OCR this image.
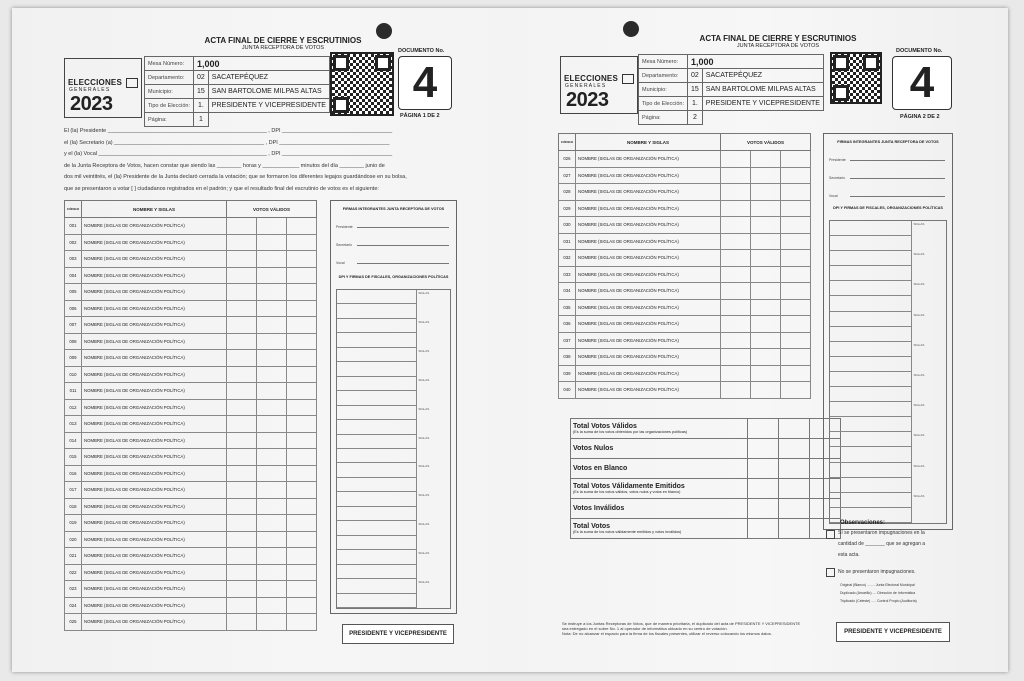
ACTA FINAL DE CIERRE Y ESCRUTINIOS
JUNTA RECEPTORA DE VOTOS
ELECCIONES
GENERALES
2023
Mesa Número:	1,000	
Departamento:	02	SACATEPÉQUEZ
Municipio:	15	SAN BARTOLOME MILPAS ALTAS
Tipo de Elección:	1.	PRESIDENTE Y VICEPRESIDENTE
Página:	1	
DOCUMENTO No.
4
PÁGINA 1 DE 2
CÓDIGO	NOMBRE Y SIGLAS	VOTOS VÁLIDOS		
001	NOMBRE (SIGLAS DE ORGANIZACIÓN POLÍTICA)			
002	NOMBRE (SIGLAS DE ORGANIZACIÓN POLÍTICA)			
003	NOMBRE (SIGLAS DE ORGANIZACIÓN POLÍTICA)			
004	NOMBRE (SIGLAS DE ORGANIZACIÓN POLÍTICA)			
005	NOMBRE (SIGLAS DE ORGANIZACIÓN POLÍTICA)			
006	NOMBRE (SIGLAS DE ORGANIZACIÓN POLÍTICA)			
007	NOMBRE (SIGLAS DE ORGANIZACIÓN POLÍTICA)			
008	NOMBRE (SIGLAS DE ORGANIZACIÓN POLÍTICA)			
009	NOMBRE (SIGLAS DE ORGANIZACIÓN POLÍTICA)			
010	NOMBRE (SIGLAS DE ORGANIZACIÓN POLÍTICA)			
011	NOMBRE (SIGLAS DE ORGANIZACIÓN POLÍTICA)			
012	NOMBRE (SIGLAS DE ORGANIZACIÓN POLÍTICA)			
013	NOMBRE (SIGLAS DE ORGANIZACIÓN POLÍTICA)			
014	NOMBRE (SIGLAS DE ORGANIZACIÓN POLÍTICA)			
015	NOMBRE (SIGLAS DE ORGANIZACIÓN POLÍTICA)			
016	NOMBRE (SIGLAS DE ORGANIZACIÓN POLÍTICA)			
017	NOMBRE (SIGLAS DE ORGANIZACIÓN POLÍTICA)			
018	NOMBRE (SIGLAS DE ORGANIZACIÓN POLÍTICA)			
019	NOMBRE (SIGLAS DE ORGANIZACIÓN POLÍTICA)			
020	NOMBRE (SIGLAS DE ORGANIZACIÓN POLÍTICA)			
021	NOMBRE (SIGLAS DE ORGANIZACIÓN POLÍTICA)			
022	NOMBRE (SIGLAS DE ORGANIZACIÓN POLÍTICA)			
023	NOMBRE (SIGLAS DE ORGANIZACIÓN POLÍTICA)			
024	NOMBRE (SIGLAS DE ORGANIZACIÓN POLÍTICA)			
025	NOMBRE (SIGLAS DE ORGANIZACIÓN POLÍTICA)			
FIRMAS INTEGRANTES JUNTA RECEPTORA DE VOTOS
Presidente
Secretario
Vocal
DPI Y FIRMAS DE FISCALES, ORGANIZACIONES POLÍTICAS
SIGLAS
SIGLAS
SIGLAS
SIGLAS
SIGLAS
SIGLAS
SIGLAS
SIGLAS
SIGLAS
SIGLAS
SIGLAS
PRESIDENTE Y VICEPRESIDENTE
El (la) Presidente ____________________________________________________ , DPI ____________________________________
el (la) Secretario (a) _________________________________________________ , DPI ____________________________________
y el (la) Vocal _______________________________________________________ , DPI ____________________________________
de la Junta Receptora de Votos, hacen constar que siendo las ________ horas y ____________ minutos del día ________ junio de
dos mil veintitrés, el (la) Presidente de la Junta declaró cerrada la votación; que se formaron los diferentes legajos guardándose en su bolsa,
que se presentaron a votar [ ] ciudadanos registrados en el padrón; y que el resultado final del escrutinio de votos es el siguiente:
ACTA FINAL DE CIERRE Y ESCRUTINIOS
JUNTA RECEPTORA DE VOTOS
ELECCIONES
GENERALES
2023
Mesa Número:	1,000	
Departamento:	02	SACATEPÉQUEZ
Municipio:	15	SAN BARTOLOME MILPAS ALTAS
Tipo de Elección:	1.	PRESIDENTE Y VICEPRESIDENTE
Página:	2	
DOCUMENTO No.
4
PÁGINA 2 DE 2
CÓDIGO	NOMBRE Y SIGLAS	VOTOS VÁLIDOS		
026	NOMBRE (SIGLAS DE ORGANIZACIÓN POLÍTICA)			
027	NOMBRE (SIGLAS DE ORGANIZACIÓN POLÍTICA)			
028	NOMBRE (SIGLAS DE ORGANIZACIÓN POLÍTICA)			
029	NOMBRE (SIGLAS DE ORGANIZACIÓN POLÍTICA)			
030	NOMBRE (SIGLAS DE ORGANIZACIÓN POLÍTICA)			
031	NOMBRE (SIGLAS DE ORGANIZACIÓN POLÍTICA)			
032	NOMBRE (SIGLAS DE ORGANIZACIÓN POLÍTICA)			
033	NOMBRE (SIGLAS DE ORGANIZACIÓN POLÍTICA)			
034	NOMBRE (SIGLAS DE ORGANIZACIÓN POLÍTICA)			
035	NOMBRE (SIGLAS DE ORGANIZACIÓN POLÍTICA)			
036	NOMBRE (SIGLAS DE ORGANIZACIÓN POLÍTICA)			
037	NOMBRE (SIGLAS DE ORGANIZACIÓN POLÍTICA)			
038	NOMBRE (SIGLAS DE ORGANIZACIÓN POLÍTICA)			
039	NOMBRE (SIGLAS DE ORGANIZACIÓN POLÍTICA)			
040	NOMBRE (SIGLAS DE ORGANIZACIÓN POLÍTICA)			
Total Votos Válidos
(Es la suma de los votos obtenidos por las organizaciones políticas)			

Votos Nulos			
Votos en Blanco			
Total Votos Válidamente Emitidos
(Es la suma de los votos válidos, votos nulos y votos en blanco)			

Votos Inválidos			
Total Votos
(Es la suma de los votos válidamente emitidos y votos inválidos)			

FIRMAS INTEGRANTES JUNTA RECEPTORA DE VOTOS
Presidente
Secretario
Vocal
DPI Y FIRMAS DE FISCALES, ORGANIZACIONES POLÍTICAS
SIGLAS
SIGLAS
SIGLAS
SIGLAS
SIGLAS
SIGLAS
SIGLAS
SIGLAS
SIGLAS
SIGLAS
Observaciones:
Sí se presentaron impugnaciones en la
cantidad de _______ que se agregan a
esta acta.
No se presentaron impugnaciones.
Original (Blanco) ........ Junta Electoral Municipal
Duplicado (Amarillo) .... Dirección de Informática
Triplicado (Celeste) ..... Control Propio (Auditoría)
Se instruye a los Juntas Receptoras de Votos, que de manera prioritaria, el duplicado del acta de PRESIDENTE Y VICEPRESIDENTE
sea entregado en el sobre No. 1 al operador de informática ubicado en su centro de votación.
Nota: De no alcanzar el espacio para la firma de los fiscales presentes, utilizar el reverso colocando los mismos datos.	PRESIDENTE Y VICEPRESIDENTE
